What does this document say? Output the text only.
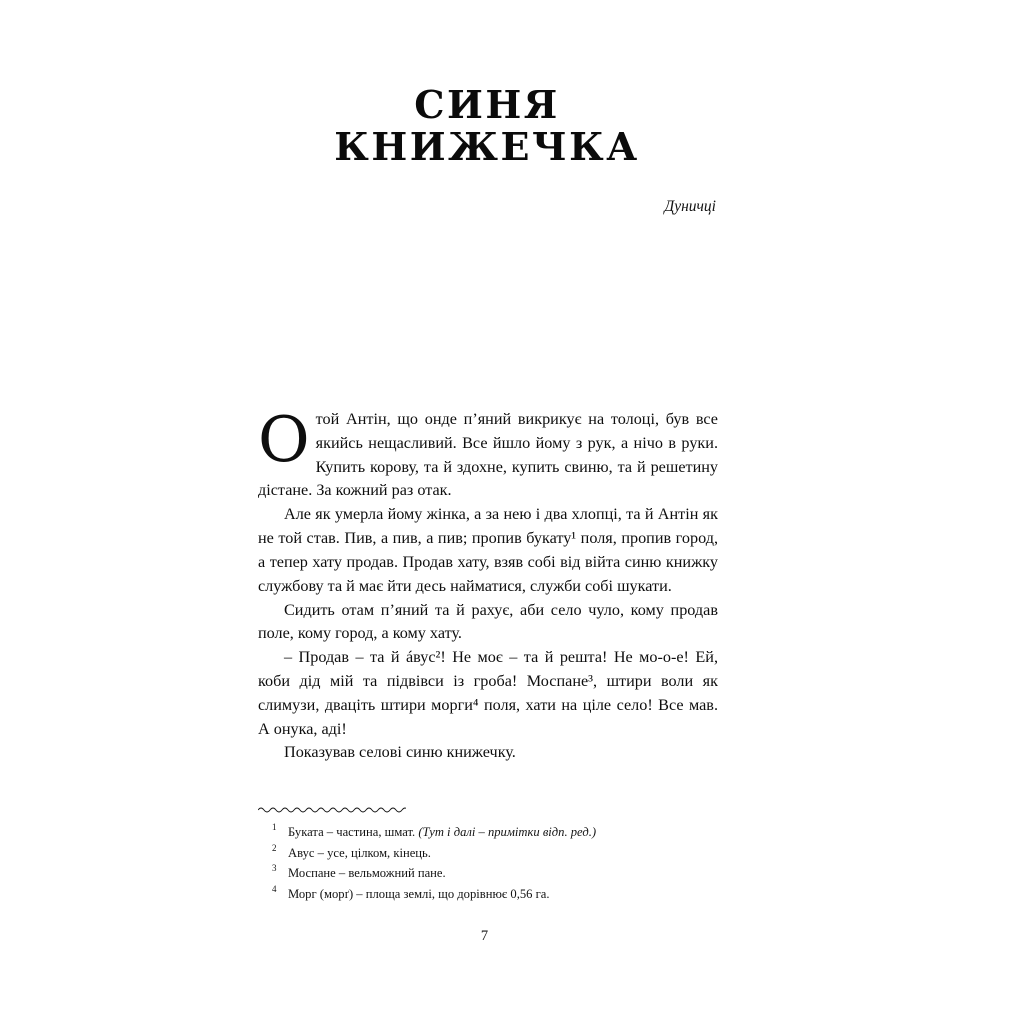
СИНЯ КНИЖЕЧКА
Дуничці

Отой Антін, що онде п’яний викрикує на толоці, був все якийсь нещасливий. Все йшло йому з рук, а нічо в руки. Купить корову, та й здохне, купить свиню, та й решетину дістане. За кожний раз отак.

Але як умерла йому жінка, а за нею і два хлопці, та й Антін як не той став. Пив, а пив, а пив; пропив букату¹ поля, пропив город, а тепер хату продав. Продав хату, взяв собі від війта синю книжку службову та й має йти десь найматися, служби собі шукати.

Сидить отам п’яний та й рахує, аби село чуло, кому продав поле, кому город, а кому хату.

– Продав – та й áвус²! Не моє – та й решта! Не мо-о-е! Ей, коби дід мій та підвівси із гроба! Моспане³, штири воли як слимузи, дваціть штири морги⁴ поля, хати на ціле село! Все мав. А онука, аді!

Показував селові синю книжечку.

1 Буката – частина, шмат. (Тут і далі – примітки відп. ред.)
2 Авус – усе, цілком, кінець.
3 Моспане – вельможний пане.
4 Морг (морґ) – площа землі, що дорівнює 0,56 га.
7
